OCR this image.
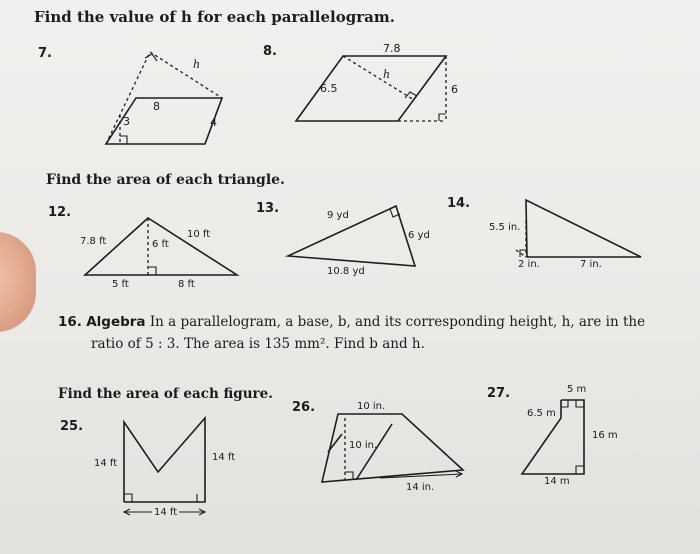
Find the value of h for each parallelogram.
Find the area of each triangle.
Find the area of each figure.
7.
h
8
3	4
8.	7.8
h
6.5	6
12.
7.8 ft	6 ft
10 ft
5 ft	8 ft
13.	9 yd
6 yd
10.8 yd
14.
5.5 in.
2 in.	7 in.
16. Algebra In a parallelogram, a base, b, and its corresponding height, h, are in the
ratio of 5 : 3. The area is 135 mm². Find b and h.
25.
14 ft
14 ft
14 ft
26.	10 in.
10 in.
14 in.
27.	5 m
6.5 m
16 m
14 m
